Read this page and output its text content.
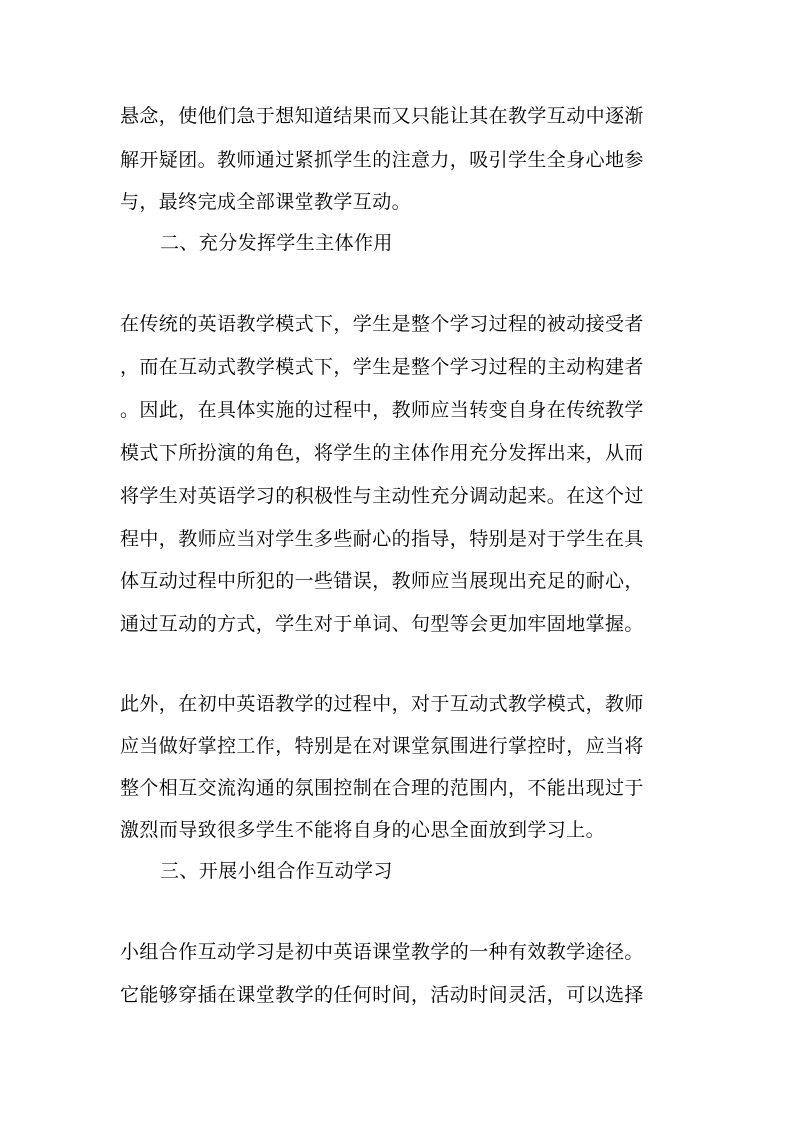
悬念，使他们急于想知道结果而又只能让其在教学互动中逐渐
解开疑团。教师通过紧抓学生的注意力，吸引学生全身心地参
与，最终完成全部课堂教学互动。
二、充分发挥学生主体作用
在传统的英语教学模式下，学生是整个学习过程的被动接受者
，而在互动式教学模式下，学生是整个学习过程的主动构建者
。因此，在具体实施的过程中，教师应当转变自身在传统教学
模式下所扮演的角色，将学生的主体作用充分发挥出来，从而
将学生对英语学习的积极性与主动性充分调动起来。在这个过
程中，教师应当对学生多些耐心的指导，特别是对于学生在具
体互动过程中所犯的一些错误，教师应当展现出充足的耐心，
通过互动的方式，学生对于单词、句型等会更加牢固地掌握。
此外，在初中英语教学的过程中，对于互动式教学模式，教师
应当做好掌控工作，特别是在对课堂氛围进行掌控时，应当将
整个相互交流沟通的氛围控制在合理的范围内，不能出现过于
激烈而导致很多学生不能将自身的心思全面放到学习上。
三、开展小组合作互动学习
小组合作互动学习是初中英语课堂教学的一种有效教学途径。
它能够穿插在课堂教学的任何时间，活动时间灵活，可以选择
